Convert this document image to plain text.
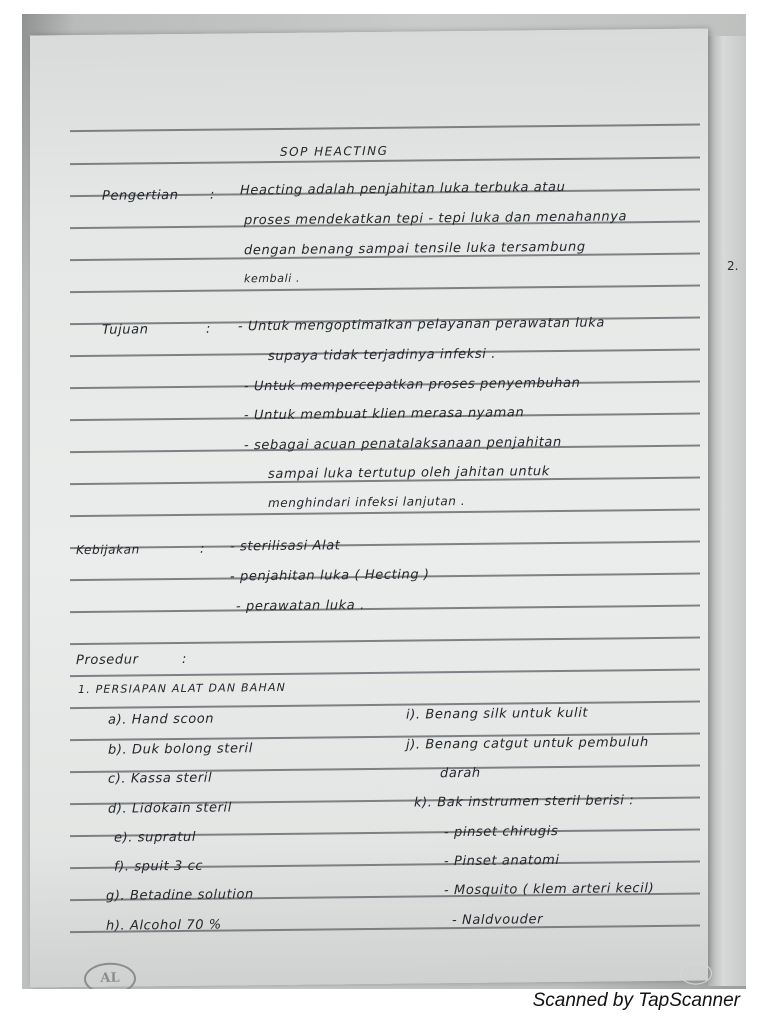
SOP HEACTING
Pengertian : Heacting adalah penjahitan luka terbuka atau
proses mendekatkan tepi - tepi luka dan menahannya
dengan benang sampai tensile luka tersambung
kembali .
Tujuan	: - Untuk mengoptimalkan pelayanan perawatan luka
supaya tidak terjadinya infeksi .
- Untuk mempercepatkan proses penyembuhan
- Untuk membuat klien merasa nyaman
- sebagai acuan penatalaksanaan penjahitan
sampai luka tertutup oleh jahitan untuk
menghindari infeksi lanjutan .
Kebijakan	: - sterilisasi Alat
- penjahitan luka ( Hecting )
- perawatan luka .
Prosedur	:
1. PERSIAPAN ALAT DAN BAHAN
a). Hand scoon
b). Duk bolong steril
c). Kassa steril
d). Lidokain steril
e). supratul
f). spuit 3 cc
g). Betadine solution
h). Alcohol 70 %
i). Benang silk untuk kulit
j). Benang catgut untuk pembuluh
darah
k). Bak instrumen steril berisi :
- pinset chirugis
- Pinset anatomi
- Mosquito ( klem arteri kecil)
- Naldvouder
AL	JR
2.
Scanned by TapScanner
